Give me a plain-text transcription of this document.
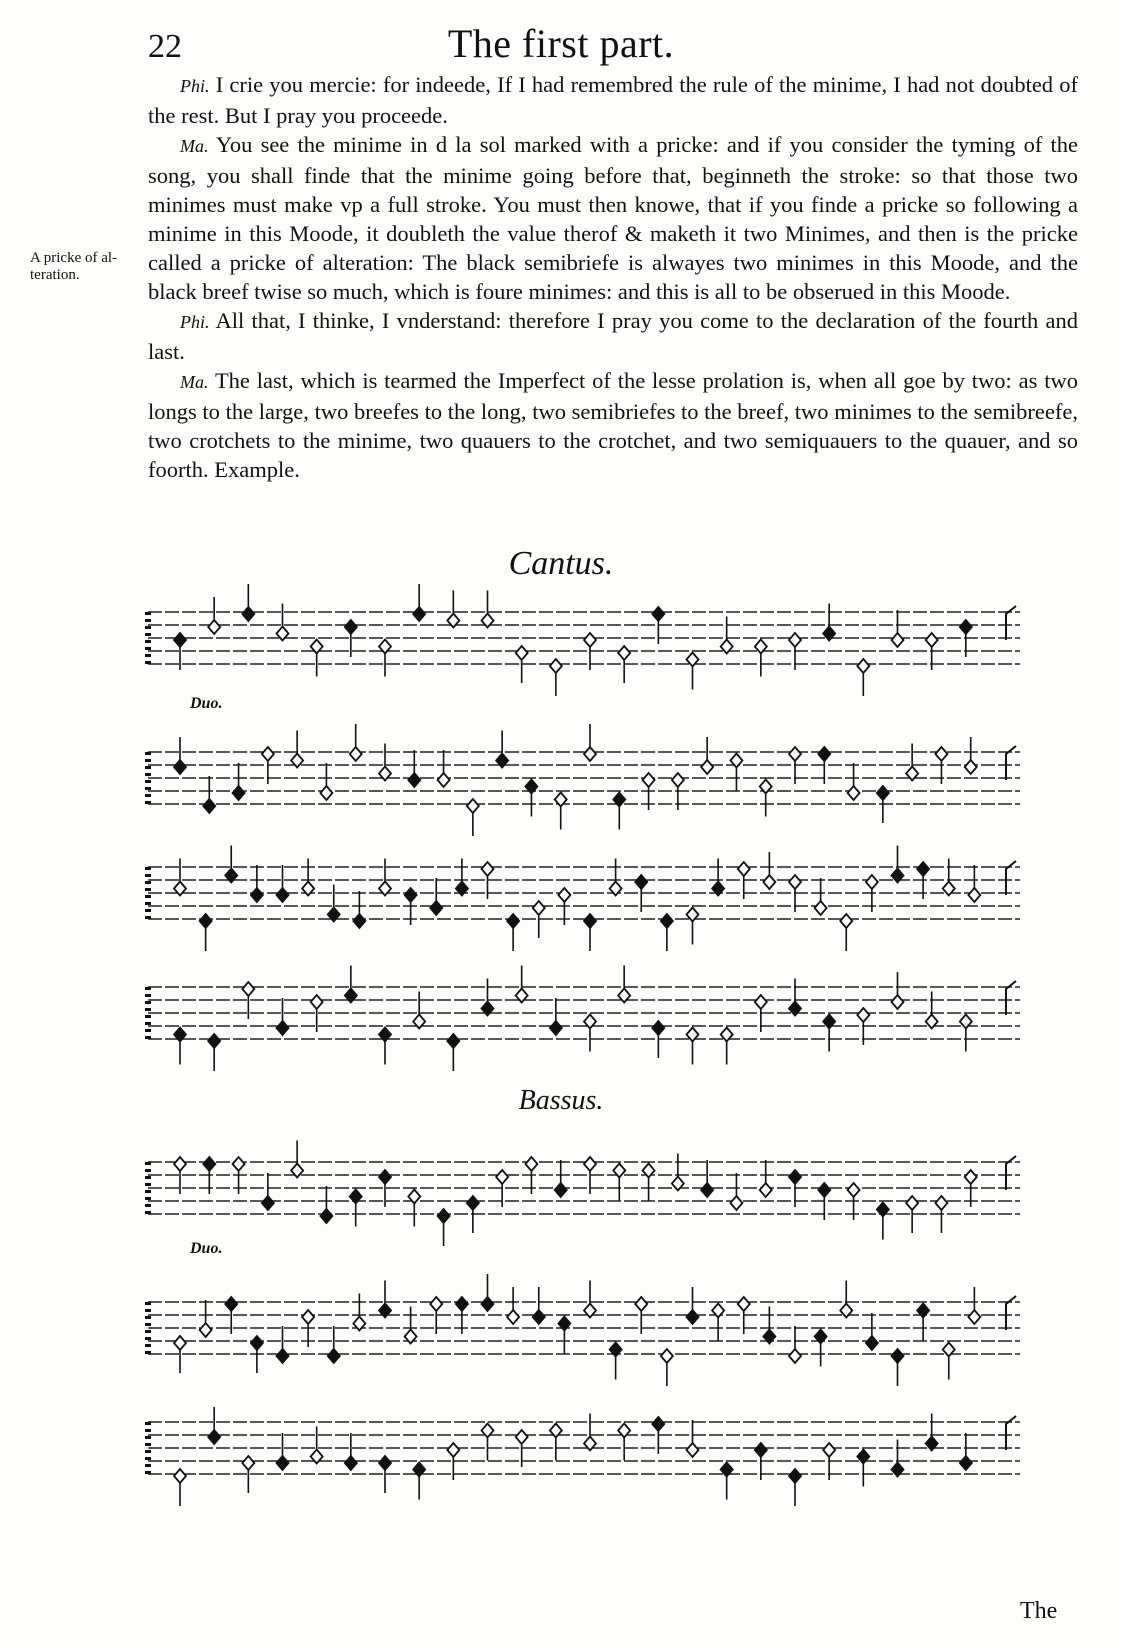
22	The first part.
A pricke of al- teration.

Phi. I crie you mercie: for indeede, If I had remembred the rule of the minime, I had not doubted of the rest. But I pray you proceede.

Ma. You see the minime in d la sol marked with a pricke: and if you consider the tyming of the song, you shall finde that the minime going before that, beginneth the stroke: so that those two minimes must make vp a full stroke. You must then knowe, that if you finde a pricke so following a minime in this Moode, it doubleth the value therof & maketh it two Minimes, and then is the pricke called a pricke of alteration: The black semibriefe is alwayes two minimes in this Moode, and the black breef twise so much, which is foure minimes: and this is all to be obserued in this Moode.

Phi. All that, I thinke, I vnderstand: therefore I pray you come to the declaration of the fourth and last.

Ma. The last, which is tearmed the Imperfect of the lesse prolation is, when all goe by two: as two longs to the large, two breefes to the long, two semibriefes to the breef, two minimes to the semibreefe, two crotchets to the minime, two quauers to the crotchet, and two semiquauers to the quauer, and so foorth. Example.

Cantus.
Duo.
Bassus.
Duo.
The
